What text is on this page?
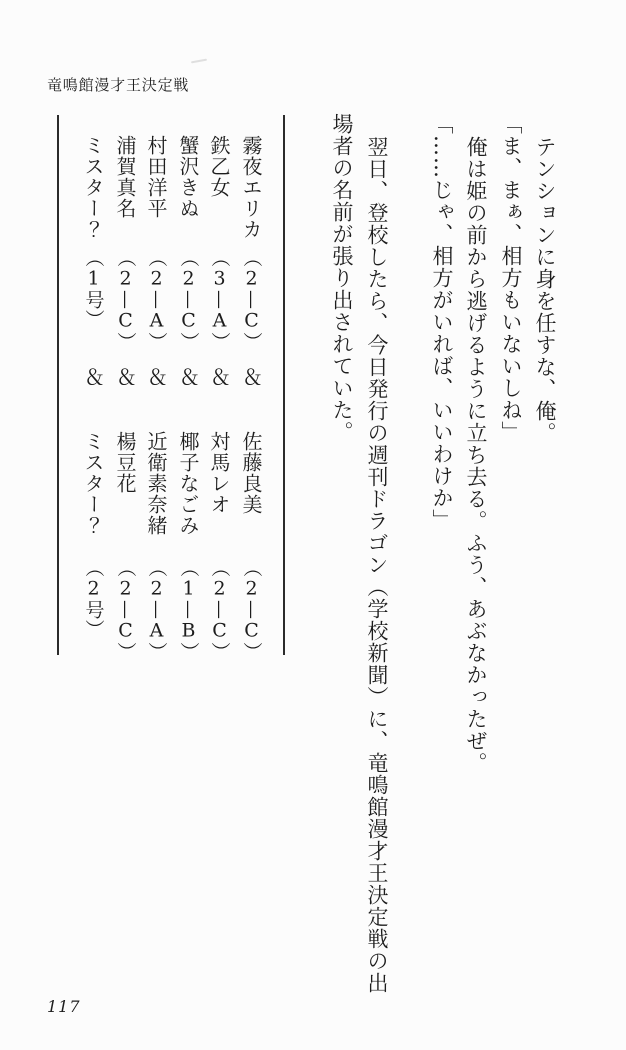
竜鳴館漫才王決定戦
テンションに身を任すな、俺。
「ま、まぁ、相方もいないしね」
俺は姫の前から逃げるように立ち去る。ふう、あぶなかったぜ。
「……じゃ、相方がいれば、いいわけか」
翌日、登校したら、今日発行の週刊ドラゴン（学校新聞）に、竜鳴館漫才王決定戦の出
場者の名前が張り出されていた。
霧夜エリカ
（2—C）
＆
佐藤良美
（2—C）
鉄乙女
（3—A）
＆
対馬レオ
（2—C）
蟹沢きぬ
（2—C）
＆
椰子なごみ
（1—B）
村田洋平
（2—A）
＆
近衛素奈緒
（2—A）
浦賀真名
（2—C）
＆
楊豆花
（2—C）
ミスター？
（1号）
＆
ミスター？
（2号）
117
